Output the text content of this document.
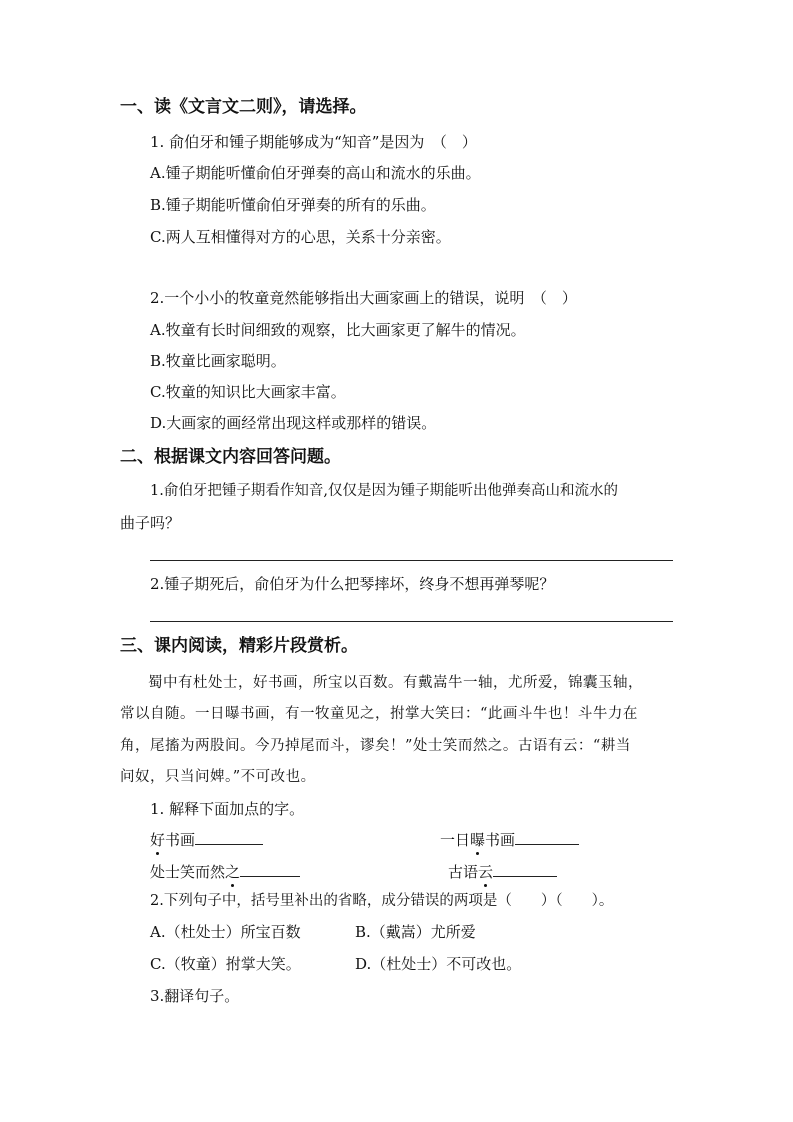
一、读《文言文二则》，请选择。
1. 俞伯牙和锺子期能够成为“知音”是因为　（　）
A.锺子期能听懂俞伯牙弹奏的高山和流水的乐曲。
B.锺子期能听懂俞伯牙弹奏的所有的乐曲。
C.两人互相懂得对方的心思，关系十分亲密。
2.一个小小的牧童竟然能够指出大画家画上的错误，说明　（　）
A.牧童有长时间细致的观察，比大画家更了解牛的情况。
B.牧童比画家聪明。
C.牧童的知识比大画家丰富。
D.大画家的画经常出现这样或那样的错误。
二、根据课文内容回答问题。
1.俞伯牙把锺子期看作知音,仅仅是因为锺子期能听出他弹奏高山和流水的
曲子吗？
2.锺子期死后，俞伯牙为什么把琴摔坏，终身不想再弹琴呢？
三、课内阅读，精彩片段赏析。
蜀中有杜处士，好书画，所宝以百数。有戴嵩牛一轴，尤所爱，锦囊玉轴，
常以自随。一日曝书画，有一牧童见之，拊掌大笑曰：“此画斗牛也！斗牛力在
角，尾搐为两股间。今乃掉尾而斗，谬矣！”处士笑而然之。古语有云：“耕当
问奴，只当问婢。”不可改也。
1. 解释下面加点的字。
好书画	一日曝书画
处士笑而然之	古语云
2.下列句子中，括号里补出的省略，成分错误的两项是（　　）（　　）。
A.（杜处士）所宝百数	B.（戴嵩）尤所爱
C.（牧童）拊掌大笑。	D.（杜处士）不可改也。
3.翻译句子。
